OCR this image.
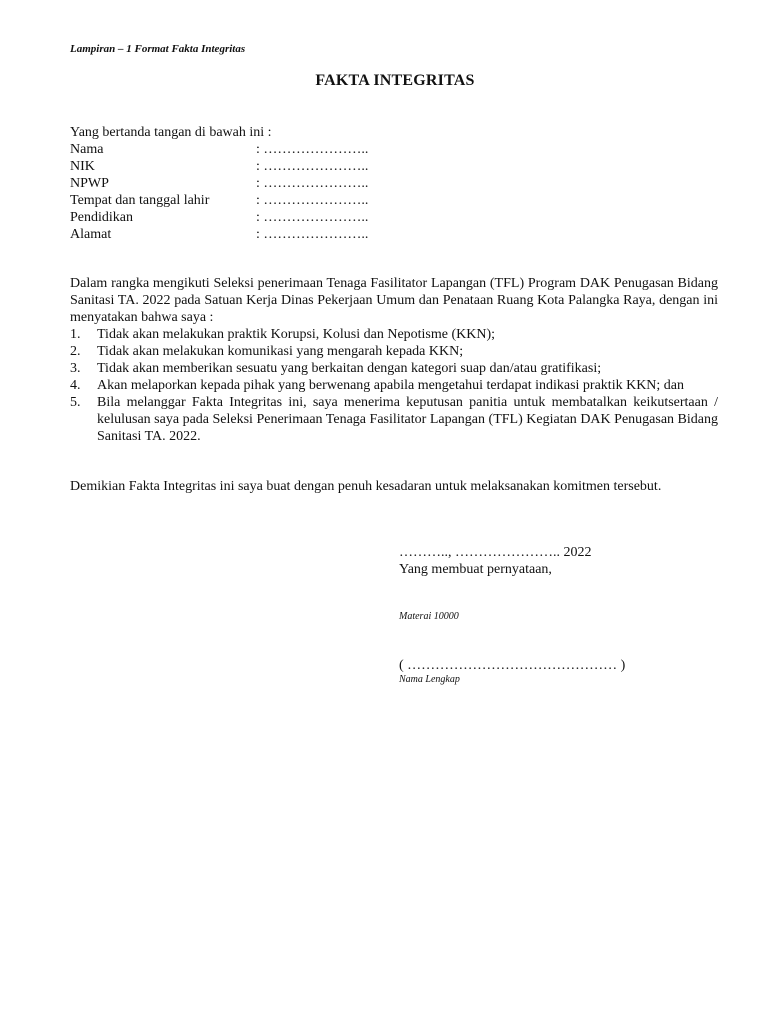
Lampiran – 1 Format Fakta Integritas
FAKTA INTEGRITAS
Yang bertanda tangan di bawah ini :
Nama	: …………………..
NIK	: …………………..
NPWP	: …………………..
Tempat dan tanggal lahir	: …………………..
Pendidikan	: …………………..
Alamat	: …………………..
Dalam rangka mengikuti Seleksi penerimaan Tenaga Fasilitator Lapangan (TFL) Program DAK Penugasan Bidang Sanitasi TA. 2022 pada Satuan Kerja Dinas Pekerjaan Umum dan Penataan Ruang Kota Palangka Raya, dengan ini menyatakan bahwa saya :
1.	Tidak akan melakukan praktik Korupsi, Kolusi dan Nepotisme (KKN);
2.	Tidak akan melakukan komunikasi yang mengarah kepada KKN;
3.	Tidak akan memberikan sesuatu yang berkaitan dengan kategori suap dan/atau gratifikasi;
4.	Akan melaporkan kepada pihak yang berwenang apabila mengetahui terdapat indikasi praktik KKN; dan
5.	Bila melanggar Fakta Integritas ini, saya menerima keputusan panitia untuk membatalkan keikutsertaan / kelulusan saya pada Seleksi Penerimaan Tenaga Fasilitator Lapangan (TFL) Kegiatan DAK Penugasan Bidang Sanitasi TA. 2022.
Demikian Fakta Integritas ini saya buat dengan penuh kesadaran untuk melaksanakan komitmen tersebut.
……….., ………………….. 2022
Yang membuat pernyataan,
Materai 10000
( ……………………………………… )
Nama Lengkap
